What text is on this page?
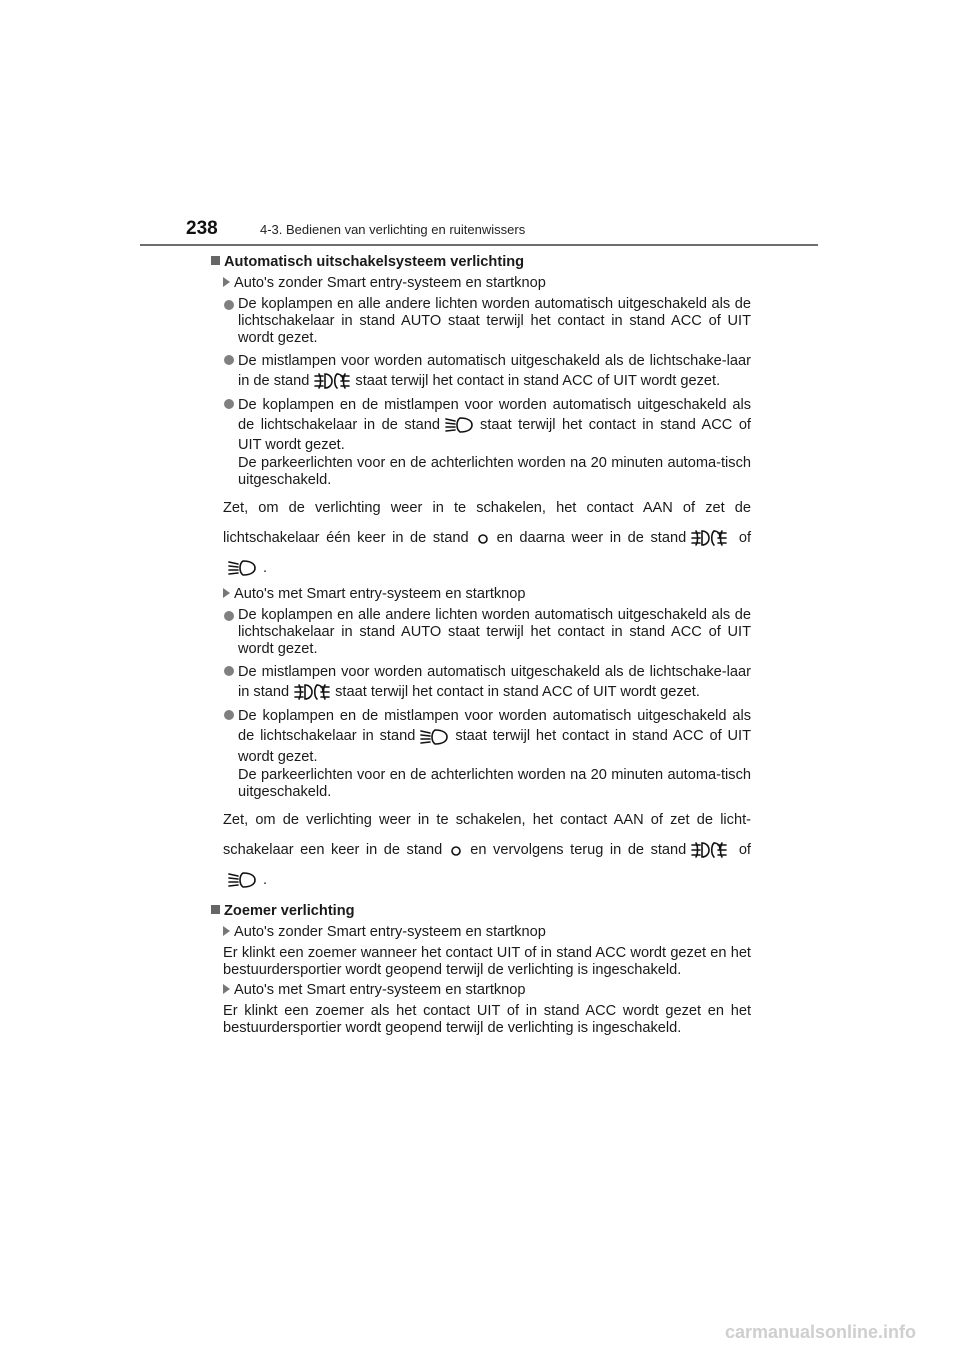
238	4-3. Bedienen van verlichting en ruitenwissers
Automatisch uitschakelsysteem verlichting
Auto's zonder Smart entry-systeem en startknop

De koplampen en alle andere lichten worden automatisch uitgeschakeld als de lichtschakelaar in stand AUTO staat terwijl het contact in stand ACC of UIT wordt gezet.

De mistlampen voor worden automatisch uitgeschakeld als de lichtschake-laar in de stand	staat terwijl het contact in stand ACC of UIT wordt gezet.

De koplampen en de mistlampen voor worden automatisch uitgeschakeld als de lichtschakelaar in de stand	staat terwijl het contact in stand ACC of UIT wordt gezet.

De parkeerlichten voor en de achterlichten worden na 20 minuten automa-tisch uitgeschakeld.

Zet, om de verlichting weer in te schakelen, het contact AAN of zet de lichtschakelaar één keer in de stand en daarna weer in de stand	of
.

Auto's met Smart entry-systeem en startknop

De koplampen en alle andere lichten worden automatisch uitgeschakeld als de lichtschakelaar in stand AUTO staat terwijl het contact in stand ACC of UIT wordt gezet.

De mistlampen voor worden automatisch uitgeschakeld als de lichtschake-laar in stand	staat terwijl het contact in stand ACC of UIT wordt gezet.

De koplampen en de mistlampen voor worden automatisch uitgeschakeld als de lichtschakelaar in stand	staat terwijl het contact in stand ACC of UIT wordt gezet.

De parkeerlichten voor en de achterlichten worden na 20 minuten automa-tisch uitgeschakeld.

Zet, om de verlichting weer in te schakelen, het contact AAN of zet de licht-schakelaar een keer in de stand en vervolgens terug in de stand	of
.

Zoemer verlichting
Auto's zonder Smart entry-systeem en startknop

Er klinkt een zoemer wanneer het contact UIT of in stand ACC wordt gezet en het bestuurdersportier wordt geopend terwijl de verlichting is ingeschakeld.

Auto's met Smart entry-systeem en startknop

Er klinkt een zoemer als het contact UIT of in stand ACC wordt gezet en het bestuurdersportier wordt geopend terwijl de verlichting is ingeschakeld.

carmanualsonline.info
